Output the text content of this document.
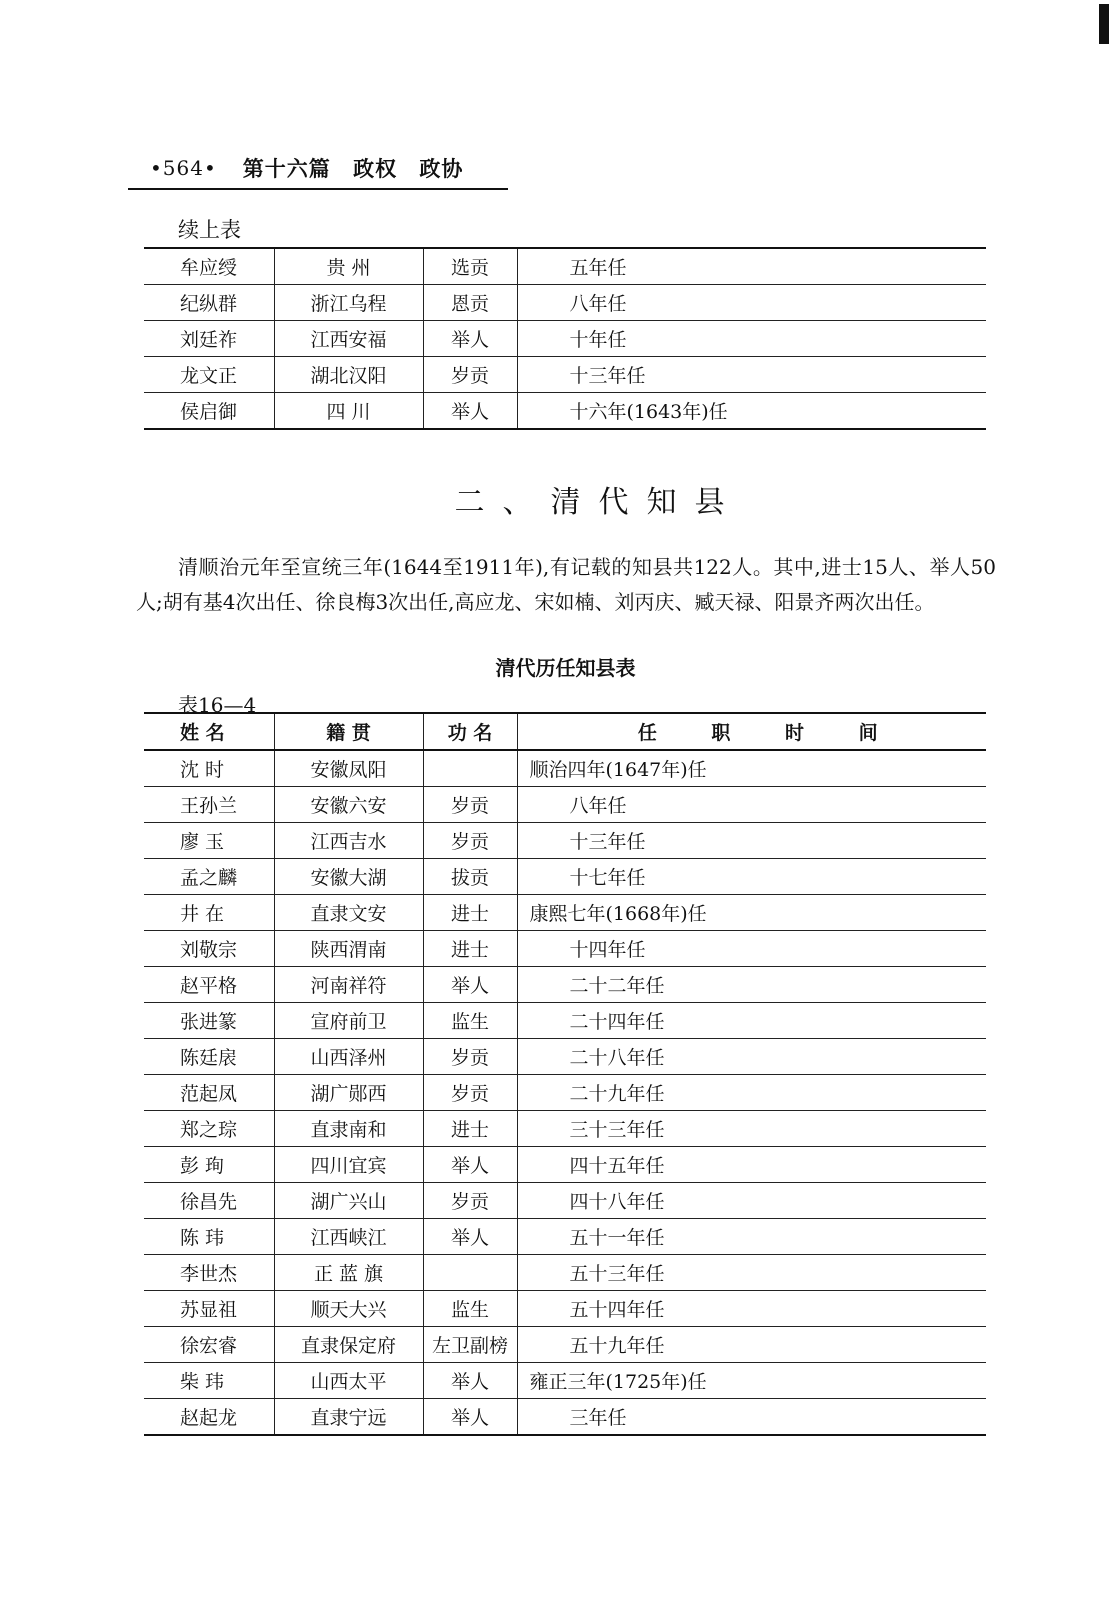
•564• 第十六篇 政权 政协
续上表
牟应绶	贵 州	选贡	五年任
纪纵群	浙江乌程	恩贡	八年任
刘廷祚	江西安福	举人	十年任
龙文正	湖北汉阳	岁贡	十三年任
侯启御	四 川	举人	十六年(1643年)任
二、清代知县
清顺治元年至宣统三年(1644至1911年),有记载的知县共122人。其中,进士15人、举人50人;胡有基4次出任、徐良梅3次出任,高应龙、宋如楠、刘丙庆、臧天禄、阳景齐两次出任。
清代历任知县表
表16—4
姓 名	籍 贯	功 名	任 职 时 间
沈 时	安徽凤阳		顺治四年(1647年)任
王孙兰	安徽六安	岁贡	八年任
廖 玉	江西吉水	岁贡	十三年任
孟之麟	安徽大湖	拔贡	十七年任
井 在	直隶文安	进士	康熙七年(1668年)任
刘敬宗	陕西渭南	进士	十四年任
赵平格	河南祥符	举人	二十二年任
张进篆	宣府前卫	监生	二十四年任
陈廷扆	山西泽州	岁贡	二十八年任
范起凤	湖广郧西	岁贡	二十九年任
郑之琮	直隶南和	进士	三十三年任
彭 珣	四川宜宾	举人	四十五年任
徐昌先	湖广兴山	岁贡	四十八年任
陈 玮	江西峡江	举人	五十一年任
李世杰	正 蓝 旗		五十三年任
苏显祖	顺天大兴	监生	五十四年任
徐宏睿	直隶保定府	左卫副榜	五十九年任
柴 玮	山西太平	举人	雍正三年(1725年)任
赵起龙	直隶宁远	举人	三年任
